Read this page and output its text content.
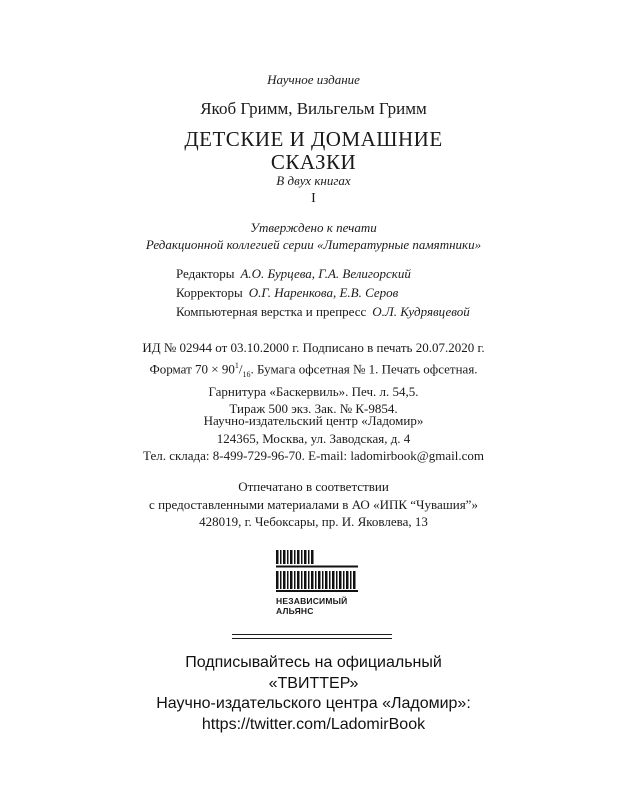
Научное издание
Якоб Гримм, Вильгельм Гримм
ДЕТСКИЕ И ДОМАШНИЕ
СКАЗКИ
В двух книгах
I
Утверждено к печати
Редакционной коллегией серии «Литературные памятники»
Редакторы А.О. Бурцева, Г.А. Велигорский
Корректоры О.Г. Наренкова, Е.В. Серов
Компьютерная верстка и препресс О.Л. Кудрявцевой
ИД № 02944 от 03.10.2000 г. Подписано в печать 20.07.2020 г.
Формат $70 \times 90^1/_{16}$. Бумага офсетная № 1. Печать офсетная.
Гарнитура «Баскервиль». Печ. л. 54,5.
Тираж 500 экз. Зак. № К-9854.
Научно-издательский центр «Ладомир»
124365, Москва, ул. Заводская, д. 4
Тел. склада: 8-499-729-96-70. E-mail: ladomirbook@gmail.com
Отпечатано в соответствии
с предоставленными материалами в АО «ИПК “Чувашия”»
428019, г. Чебоксары, пр. И. Яковлева, 13
НЕЗАВИСИМЫЙ
АЛЬЯНС
Подписывайтесь на официальный
«ТВИТТЕР»
Научно-издательского центра «Ладомир»:
https://twitter.com/LadomirBook
